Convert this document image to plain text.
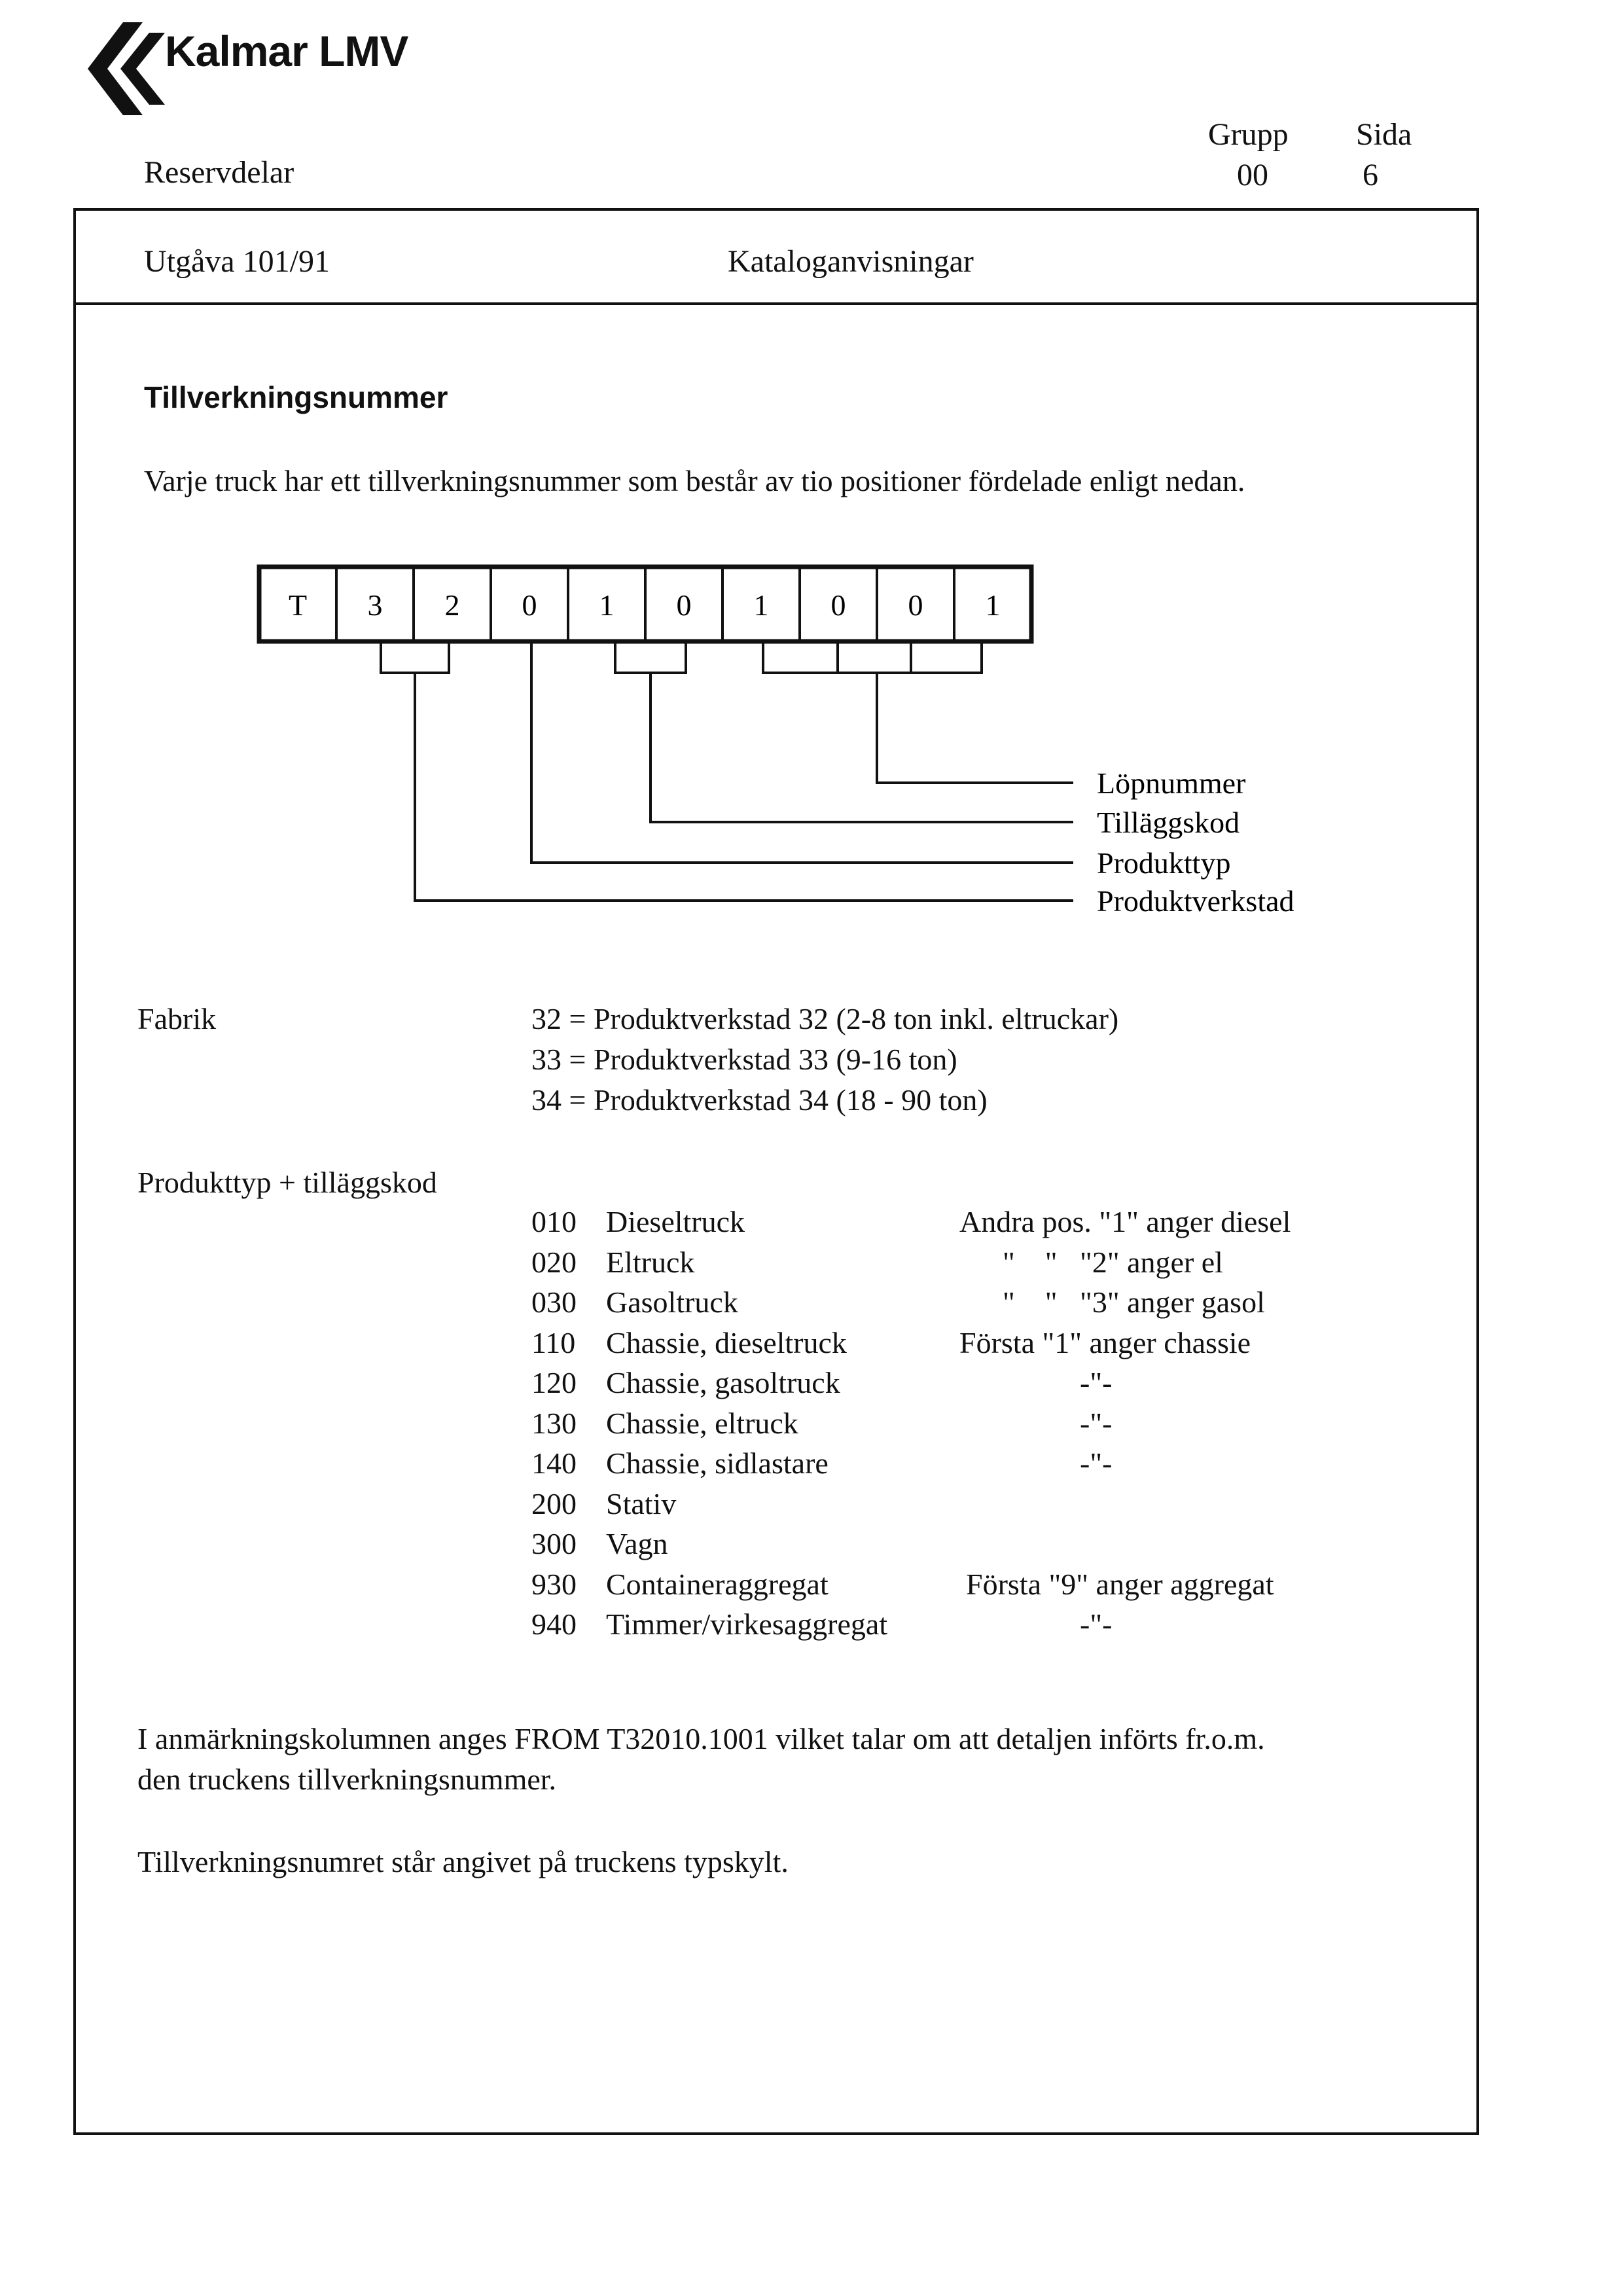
Kalmar LMV
Reservdelar
Grupp
00
Sida
6
Utgåva 101/91	Kataloganvisningar
Tillverkningsnummer
Varje truck har ett tillverkningsnummer som består av tio positioner fördelade enligt nedan.
T 3 2 0 1 0 1 0 0 1
Löpnummer
Tilläggskod
Produkttyp
Produktverkstad
Fabrik	32 = Produktverkstad 32 (2-8 ton inkl. eltruckar)
33 = Produktverkstad 33 (9-16 ton)
34 = Produktverkstad 34 (18 - 90 ton)
Produkttyp + tilläggskod
010 Dieseltruck	Andra pos. "1" anger diesel
020 Eltruck	"    "   "2" anger el
030 Gasoltruck	"    "   "3" anger gasol
110 Chassie, dieseltruck	Första "1" anger chassie
120 Chassie, gasoltruck	-"-
130 Chassie, eltruck	-"-
140 Chassie, sidlastare	-"-
200 Stativ
300 Vagn
930 Containeraggregat	Första "9" anger aggregat
940 Timmer/virkesaggregat	-"-
I anmärkningskolumnen anges FROM T32010.1001 vilket talar om att detaljen införts fr.o.m.
den truckens tillverkningsnummer.
Tillverkningsnumret står angivet på truckens typskylt.
